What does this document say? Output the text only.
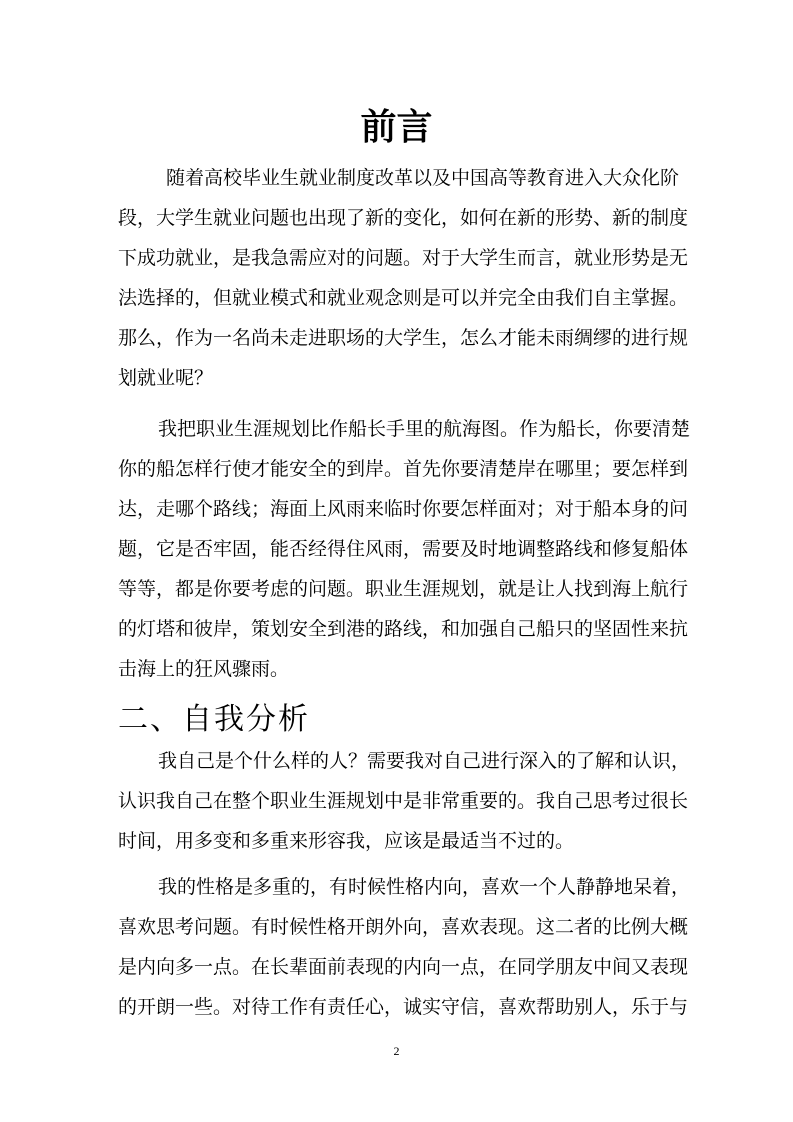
前言
随着高校毕业生就业制度改革以及中国高等教育进入大众化阶
段，大学生就业问题也出现了新的变化，如何在新的形势、新的制度
下成功就业，是我急需应对的问题。对于大学生而言，就业形势是无
法选择的，但就业模式和就业观念则是可以并完全由我们自主掌握。
那么，作为一名尚未走进职场的大学生，怎么才能未雨绸缪的进行规
划就业呢？
我把职业生涯规划比作船长手里的航海图。作为船长，你要清楚
你的船怎样行使才能安全的到岸。首先你要清楚岸在哪里；要怎样到
达，走哪个路线；海面上风雨来临时你要怎样面对；对于船本身的问
题，它是否牢固，能否经得住风雨，需要及时地调整路线和修复船体
等等，都是你要考虑的问题。职业生涯规划，就是让人找到海上航行
的灯塔和彼岸，策划安全到港的路线，和加强自己船只的坚固性来抗
击海上的狂风骤雨。
二、自我分析
我自己是个什么样的人？需要我对自己进行深入的了解和认识，
认识我自己在整个职业生涯规划中是非常重要的。我自己思考过很长
时间，用多变和多重来形容我，应该是最适当不过的。
我的性格是多重的，有时候性格内向，喜欢一个人静静地呆着，
喜欢思考问题。有时候性格开朗外向，喜欢表现。这二者的比例大概
是内向多一点。在长辈面前表现的内向一点，在同学朋友中间又表现
的开朗一些。对待工作有责任心，诚实守信，喜欢帮助别人，乐于与
2
